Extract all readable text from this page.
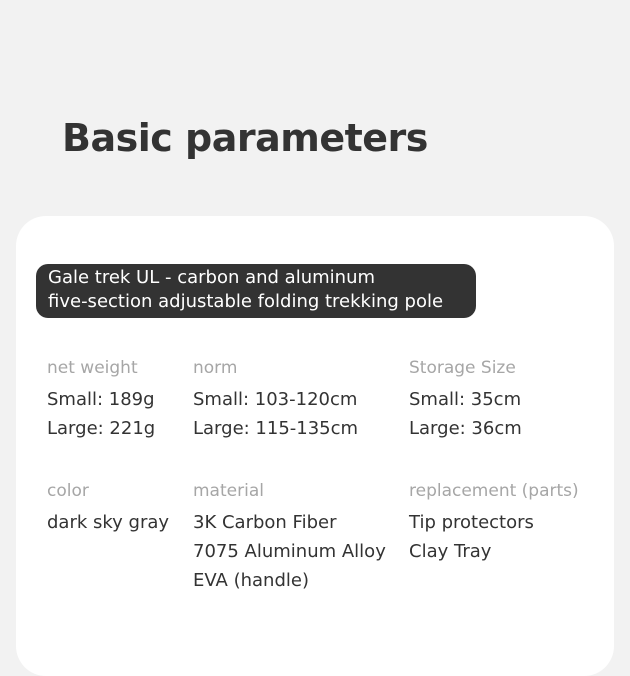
Basic parameters
Gale trek UL - carbon and aluminum
five-section adjustable folding trekking pole
net weight
Small: 189g
Large: 221g
norm
Small: 103-120cm
Large: 115-135cm
Storage Size
Small: 35cm
Large: 36cm
color
dark sky gray
material
3K Carbon Fiber
7075 Aluminum Alloy
EVA (handle)
replacement (parts)
Tip protectors
Clay Tray
